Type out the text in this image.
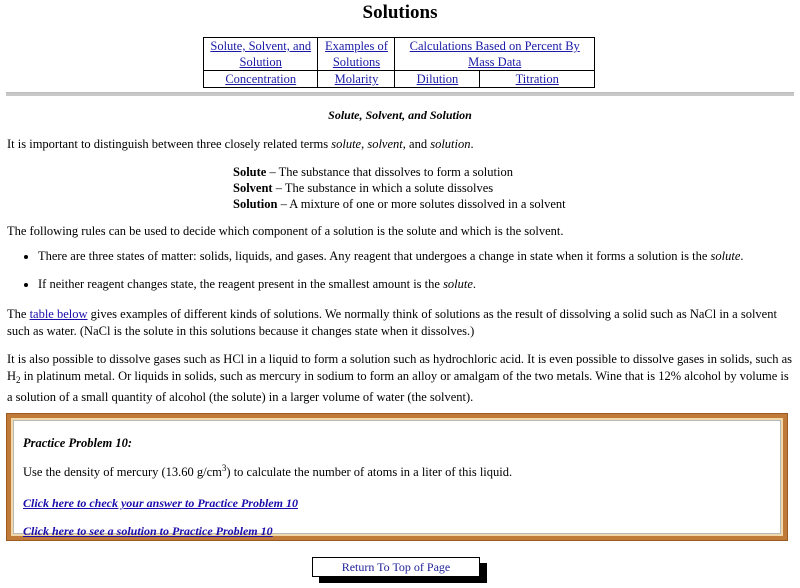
Solutions
Solute, Solvent, and Solution	Examples of Solutions	Calculations Based on Percent By Mass Data	
Concentration	Molarity	Dilution	Titration
Solute, Solvent, and Solution
It is important to distinguish between three closely related terms solute, solvent, and solution.
Solute – The substance that dissolves to form a solution
Solvent – The substance in which a solute dissolves
Solution – A mixture of one or more solutes dissolved in a solvent
The following rules can be used to decide which component of a solution is the solute and which is the solvent.
• There are three states of matter: solids, liquids, and gases. Any reagent that undergoes a change in state when it forms a solution is the solute.
• If neither reagent changes state, the reagent present in the smallest amount is the solute.
The table below gives examples of different kinds of solutions. We normally think of solutions as the result of dissolving a solid such as NaCl in a solvent such as water. (NaCl is the solute in this solutions because it changes state when it dissolves.)
It is also possible to dissolve gases such as HCl in a liquid to form a solution such as hydrochloric acid. It is even possible to dissolve gases in solids, such as $H_2$ in platinum metal. Or liquids in solids, such as mercury in sodium to form an alloy or amalgam of the two metals. Wine that is 12% alcohol by volume is a solution of a small quantity of alcohol (the solute) in a larger volume of water (the solvent).
Practice Problem 10:
Use the density of mercury (13.60 $g/cm^3$) to calculate the number of atoms in a liter of this liquid.
Click here to check your answer to Practice Problem 10
Click here to see a solution to Practice Problem 10
Return To Top of Page
